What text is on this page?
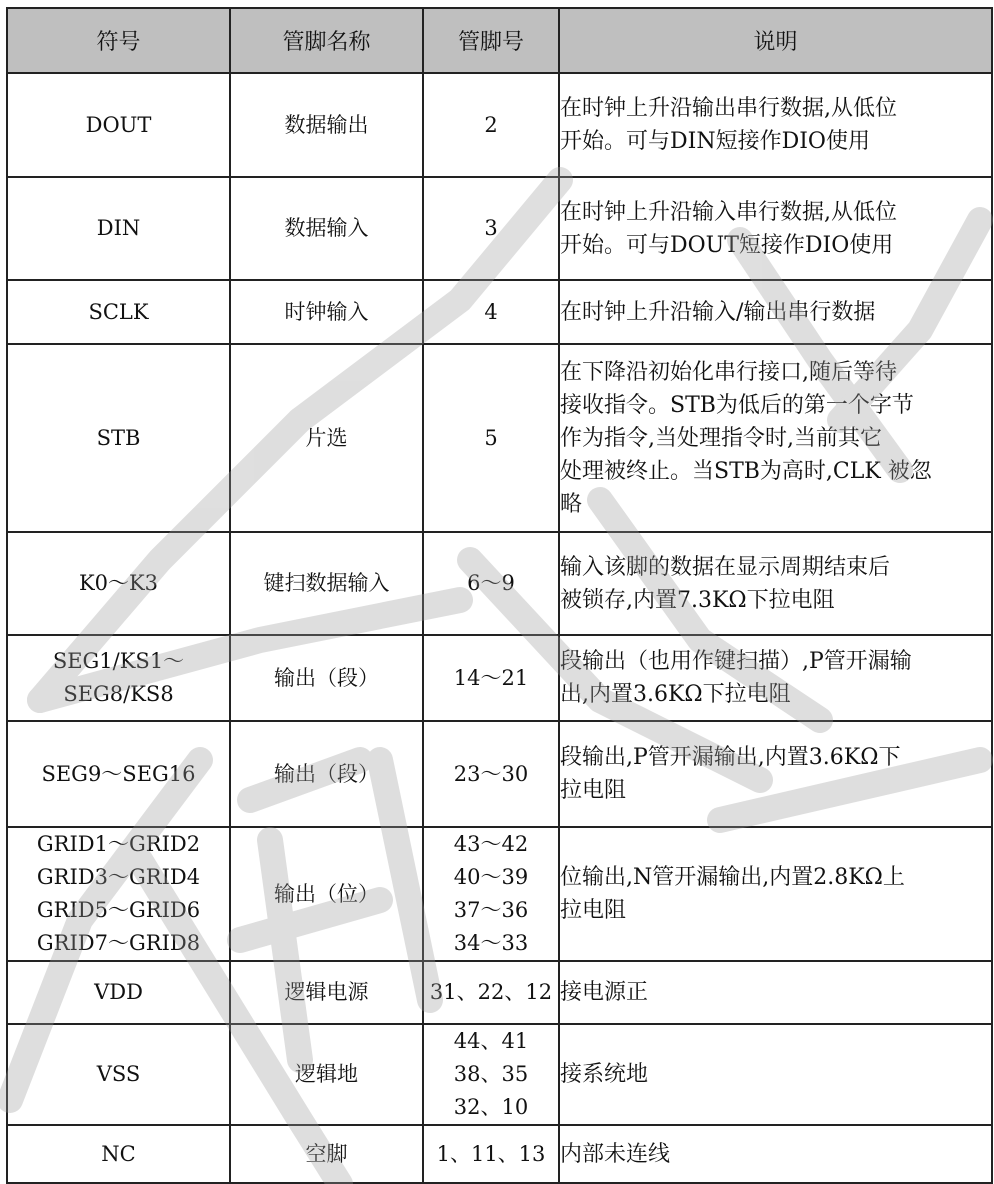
符号	管脚名称	管脚号	说明

DOUT	数据输出	2	在时钟上升沿输出串行数据,从低位
开始。可与DIN短接作DIO使用

DIN	数据输入	3	在时钟上升沿输入串行数据,从低位
开始。可与DOUT短接作DIO使用

SCLK	时钟输入	4	在时钟上升沿输入/输出串行数据

STB	片选	5	在下降沿初始化串行接口,随后等待
接收指令。STB为低后的第一个字节
作为指令,当处理指令时,当前其它
处理被终止。当STB为高时,CLK 被忽
略

K0～K3	键扫数据输入	6～9	输入该脚的数据在显示周期结束后
被锁存,内置7.3KΩ下拉电阻

SEG1/KS1～
SEG8/KS8	输出（段）	14～21	段输出（也用作键扫描）,P管开漏输
出,内置3.6KΩ下拉电阻

SEG9～SEG16	输出（段）	23～30	段输出,P管开漏输出,内置3.6KΩ下
拉电阻

GRID1～GRID2
GRID3～GRID4
GRID5～GRID6
GRID7～GRID8	输出（位）	43～42
40～39
37～36
34～33	位输出,N管开漏输出,内置2.8KΩ上
拉电阻

VDD	逻辑电源	31、22、12	接电源正

VSS	逻辑地	44、41
38、35
32、10	接系统地

NC	空脚	1、11、13	内部未连线
